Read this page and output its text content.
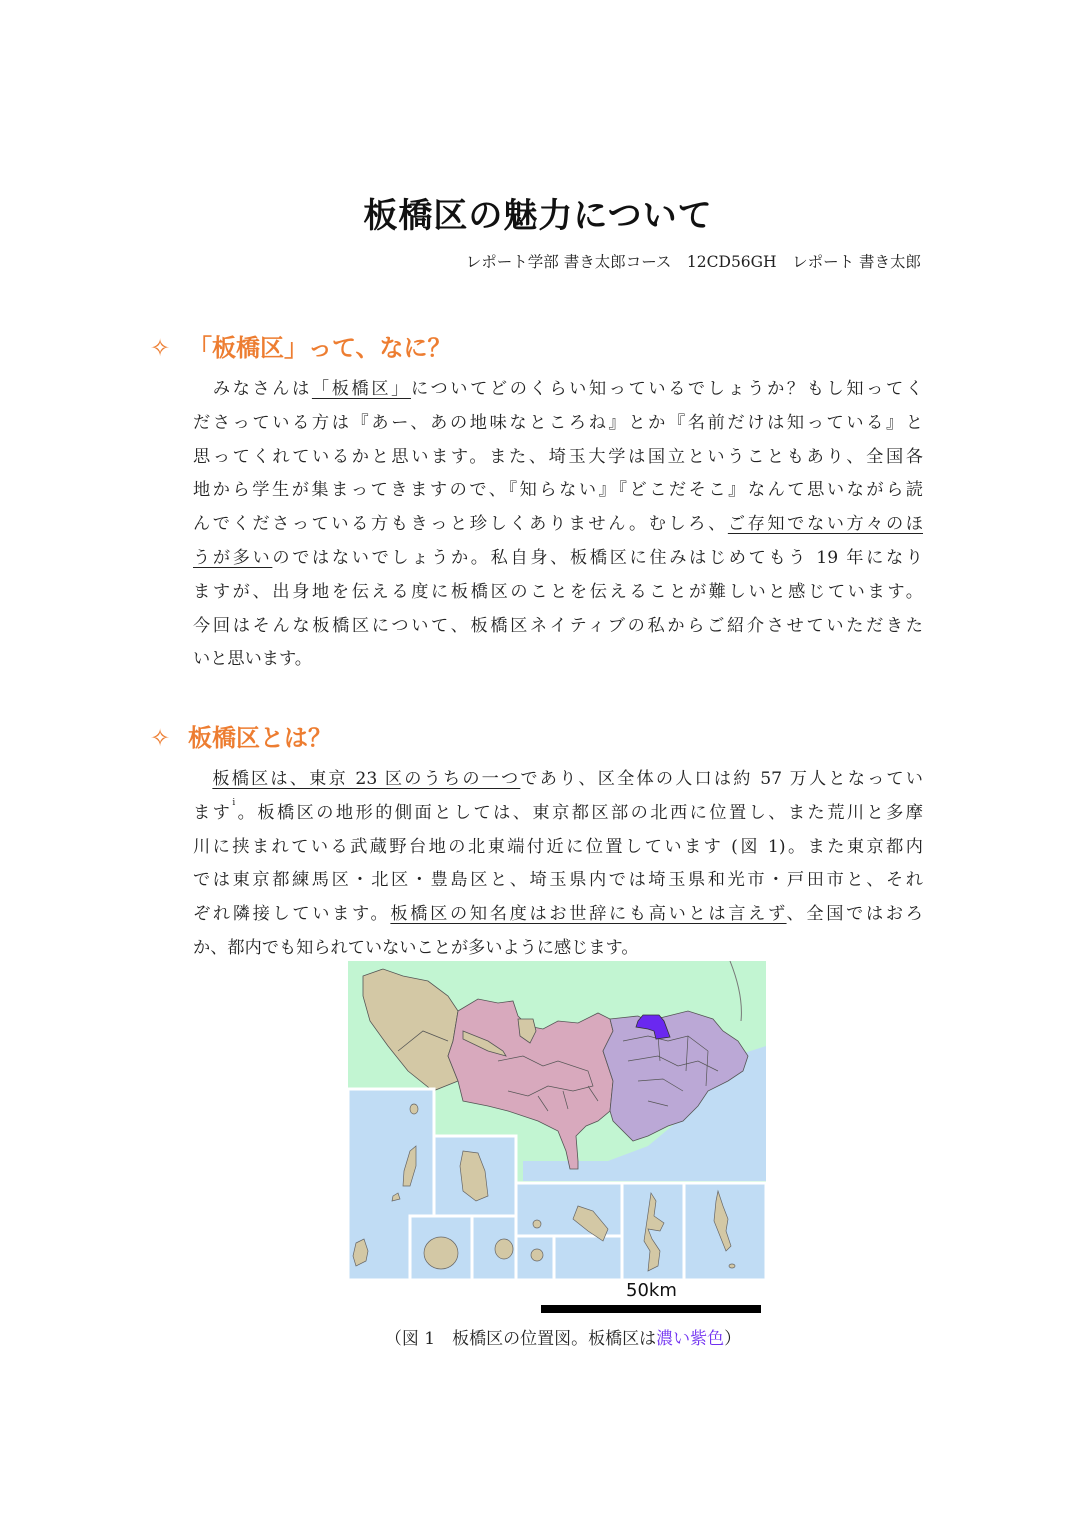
板橋区の魅力について
レポート学部 書き太郎コース　12CD56GH　レポート 書き太郎
✧ 「板橋区」って、なに？
　みなさんは「板橋区」についてどのくらい知っているでしょうか？もし知ってく
ださっている方は『あー、あの地味なところね』とか『名前だけは知っている』と
思ってくれているかと思います。また、埼玉大学は国立ということもあり、全国各
地から学生が集まってきますので、『知らない』『どこだそこ』なんて思いながら読
んでくださっている方もきっと珍しくありません。むしろ、ご存知でない方々のほ
うが多いのではないでしょうか。私自身、板橋区に住みはじめてもう 19 年になり
ますが、出身地を伝える度に板橋区のことを伝えることが難しいと感じています。
今回はそんな板橋区について、板橋区ネイティブの私からご紹介させていただきた
いと思います。
✧ 板橋区とは？
　板橋区は、東京 23 区のうちの一つであり、区全体の人口は約 57 万人となってい
ます$^i$。板橋区の地形的側面としては、東京都区部の北西に位置し、また荒川と多摩
川に挟まれている武蔵野台地の北東端付近に位置しています (図 1)。また東京都内
では東京都練馬区・北区・豊島区と、埼玉県内では埼玉県和光市・戸田市と、それ
ぞれ隣接しています。板橋区の知名度はお世辞にも高いとは言えず、全国ではおろ
か、都内でも知られていないことが多いように感じます。
50km
（図 1　板橋区の位置図。板橋区は濃い紫色）
